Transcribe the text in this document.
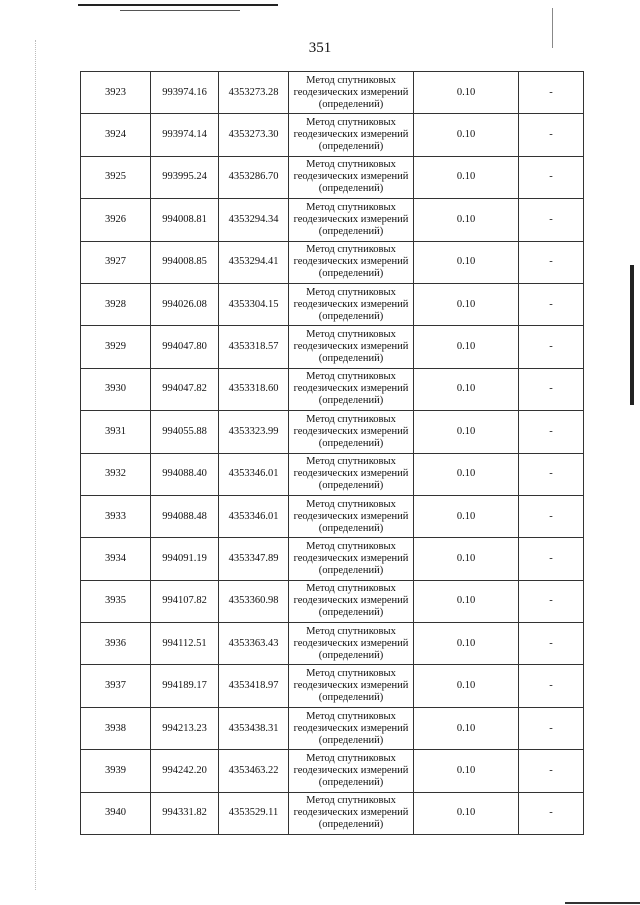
351
3923	993974.16	4353273.28	Метод спутниковых
геодезических измерений
(определений)	0.10	-
3924	993974.14	4353273.30	Метод спутниковых
геодезических измерений
(определений)	0.10	-
3925	993995.24	4353286.70	Метод спутниковых
геодезических измерений
(определений)	0.10	-
3926	994008.81	4353294.34	Метод спутниковых
геодезических измерений
(определений)	0.10	-
3927	994008.85	4353294.41	Метод спутниковых
геодезических измерений
(определений)	0.10	-
3928	994026.08	4353304.15	Метод спутниковых
геодезических измерений
(определений)	0.10	-
3929	994047.80	4353318.57	Метод спутниковых
геодезических измерений
(определений)	0.10	-
3930	994047.82	4353318.60	Метод спутниковых
геодезических измерений
(определений)	0.10	-
3931	994055.88	4353323.99	Метод спутниковых
геодезических измерений
(определений)	0.10	-
3932	994088.40	4353346.01	Метод спутниковых
геодезических измерений
(определений)	0.10	-
3933	994088.48	4353346.01	Метод спутниковых
геодезических измерений
(определений)	0.10	-
3934	994091.19	4353347.89	Метод спутниковых
геодезических измерений
(определений)	0.10	-
3935	994107.82	4353360.98	Метод спутниковых
геодезических измерений
(определений)	0.10	-
3936	994112.51	4353363.43	Метод спутниковых
геодезических измерений
(определений)	0.10	-
3937	994189.17	4353418.97	Метод спутниковых
геодезических измерений
(определений)	0.10	-
3938	994213.23	4353438.31	Метод спутниковых
геодезических измерений
(определений)	0.10	-
3939	994242.20	4353463.22	Метод спутниковых
геодезических измерений
(определений)	0.10	-
3940	994331.82	4353529.11	Метод спутниковых
геодезических измерений
(определений)	0.10	-
